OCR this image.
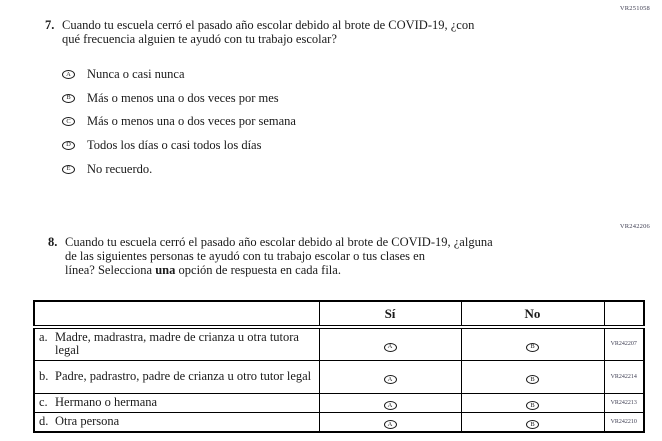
VR251058
7. Cuando tu escuela cerró el pasado año escolar debido al brote de COVID-19, ¿con
qué frecuencia alguien te ayudó con tu trabajo escolar?
A	Nunca o casi nunca
B	Más o menos una o dos veces por mes
C	Más o menos una o dos veces por semana
D	Todos los días o casi todos los días
E	No recuerdo.
VR242206
8. Cuando tu escuela cerró el pasado año escolar debido al brote de COVID-19, ¿alguna
de las siguientes personas te ayudó con tu trabajo escolar o tus clases en
línea? Selecciona una opción de respuesta en cada fila.
	Sí	No	

a. Madre, madrastra, madre de crianza u otra tutora legal	A	B	VR242207

b. Padre, padrastro, padre de crianza u otro tutor legal	A	B	VR242214

c. Hermano o hermana	A	B	VR242213

d. Otra persona	A	B	VR242210
